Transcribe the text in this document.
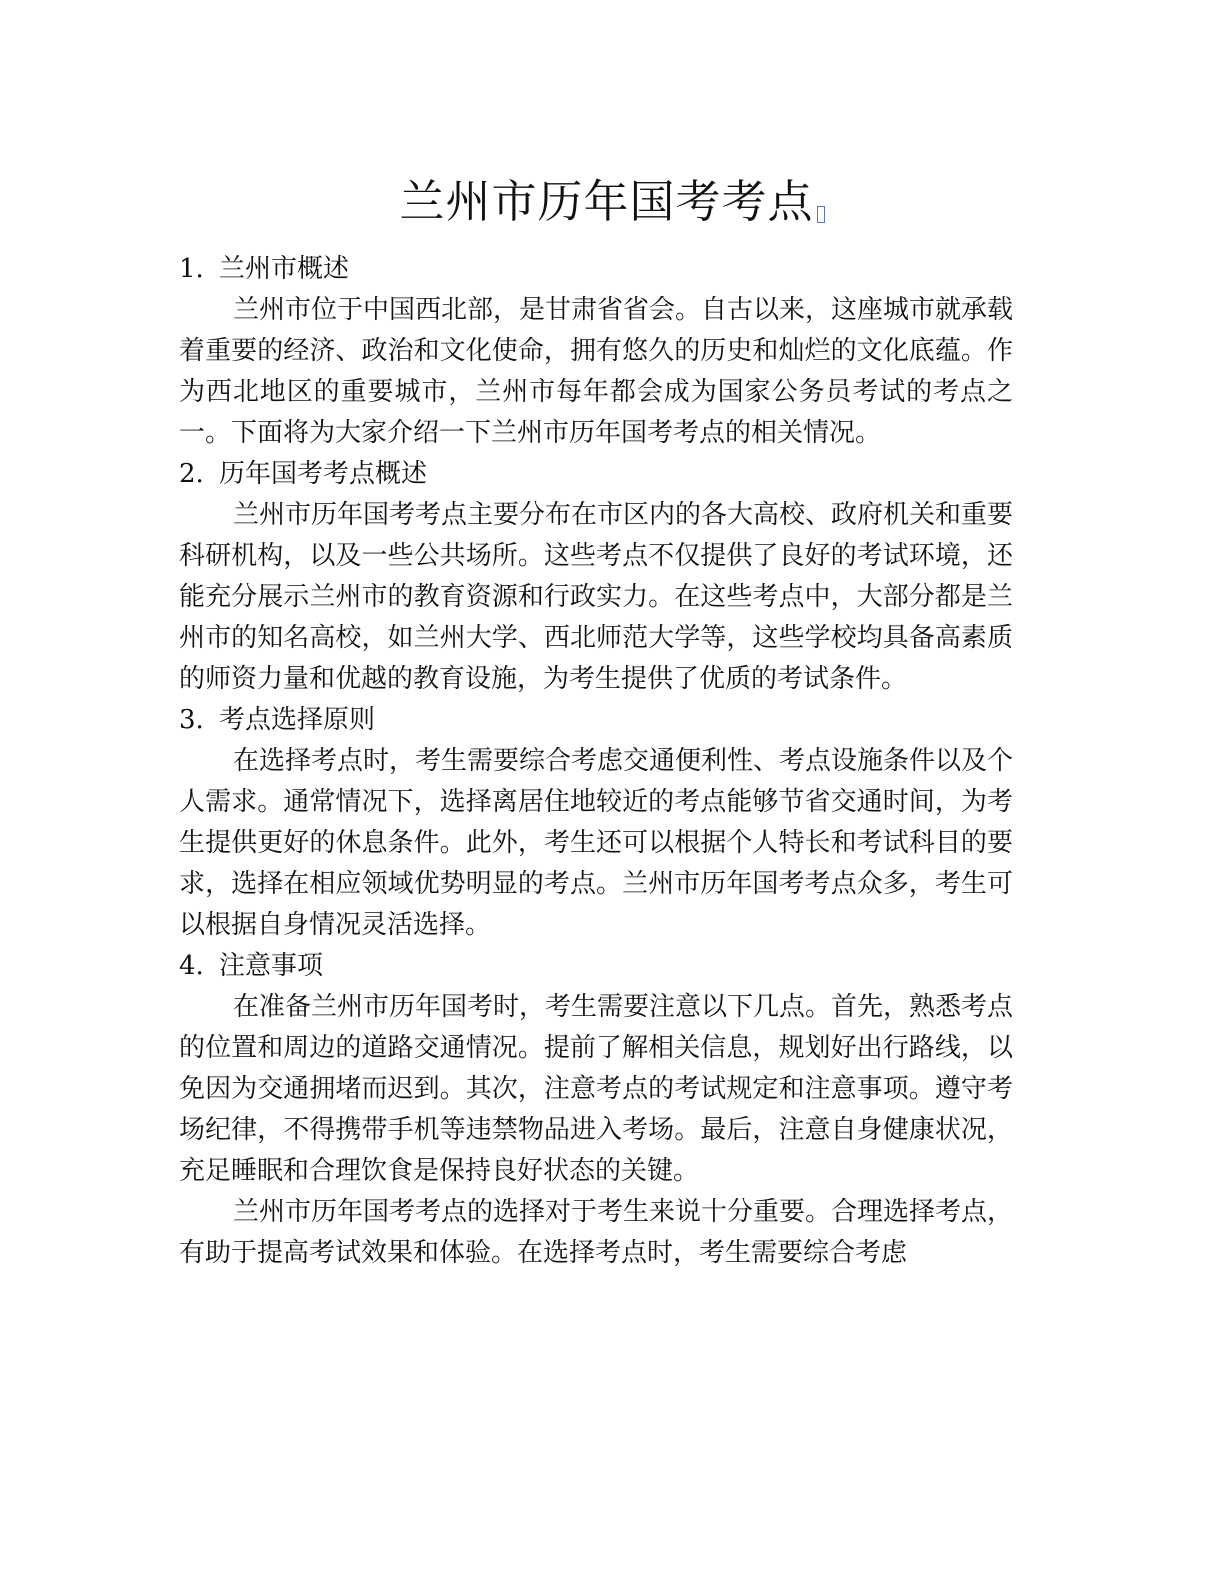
兰州市历年国考考点
1. 兰州市概述

兰州市位于中国西北部，是甘肃省省会。自古以来，这座城市就承载着重要的经济、政治和文化使命，拥有悠久的历史和灿烂的文化底蕴。作为西北地区的重要城市，兰州市每年都会成为国家公务员考试的考点之一。下面将为大家介绍一下兰州市历年国考考点的相关情况。

2. 历年国考考点概述

兰州市历年国考考点主要分布在市区内的各大高校、政府机关和重要科研机构，以及一些公共场所。这些考点不仅提供了良好的考试环境，还能充分展示兰州市的教育资源和行政实力。在这些考点中，大部分都是兰州市的知名高校，如兰州大学、西北师范大学等，这些学校均具备高素质的师资力量和优越的教育设施，为考生提供了优质的考试条件。

3. 考点选择原则

在选择考点时，考生需要综合考虑交通便利性、考点设施条件以及个人需求。通常情况下，选择离居住地较近的考点能够节省交通时间，为考生提供更好的休息条件。此外，考生还可以根据个人特长和考试科目的要求，选择在相应领域优势明显的考点。兰州市历年国考考点众多，考生可以根据自身情况灵活选择。

4. 注意事项

在准备兰州市历年国考时，考生需要注意以下几点。首先，熟悉考点的位置和周边的道路交通情况。提前了解相关信息，规划好出行路线，以免因为交通拥堵而迟到。其次，注意考点的考试规定和注意事项。遵守考场纪律，不得携带手机等违禁物品进入考场。最后，注意自身健康状况，充足睡眠和合理饮食是保持良好状态的关键。

兰州市历年国考考点的选择对于考生来说十分重要。合理选择考点，有助于提高考试效果和体验。在选择考点时，考生需要综合考虑
